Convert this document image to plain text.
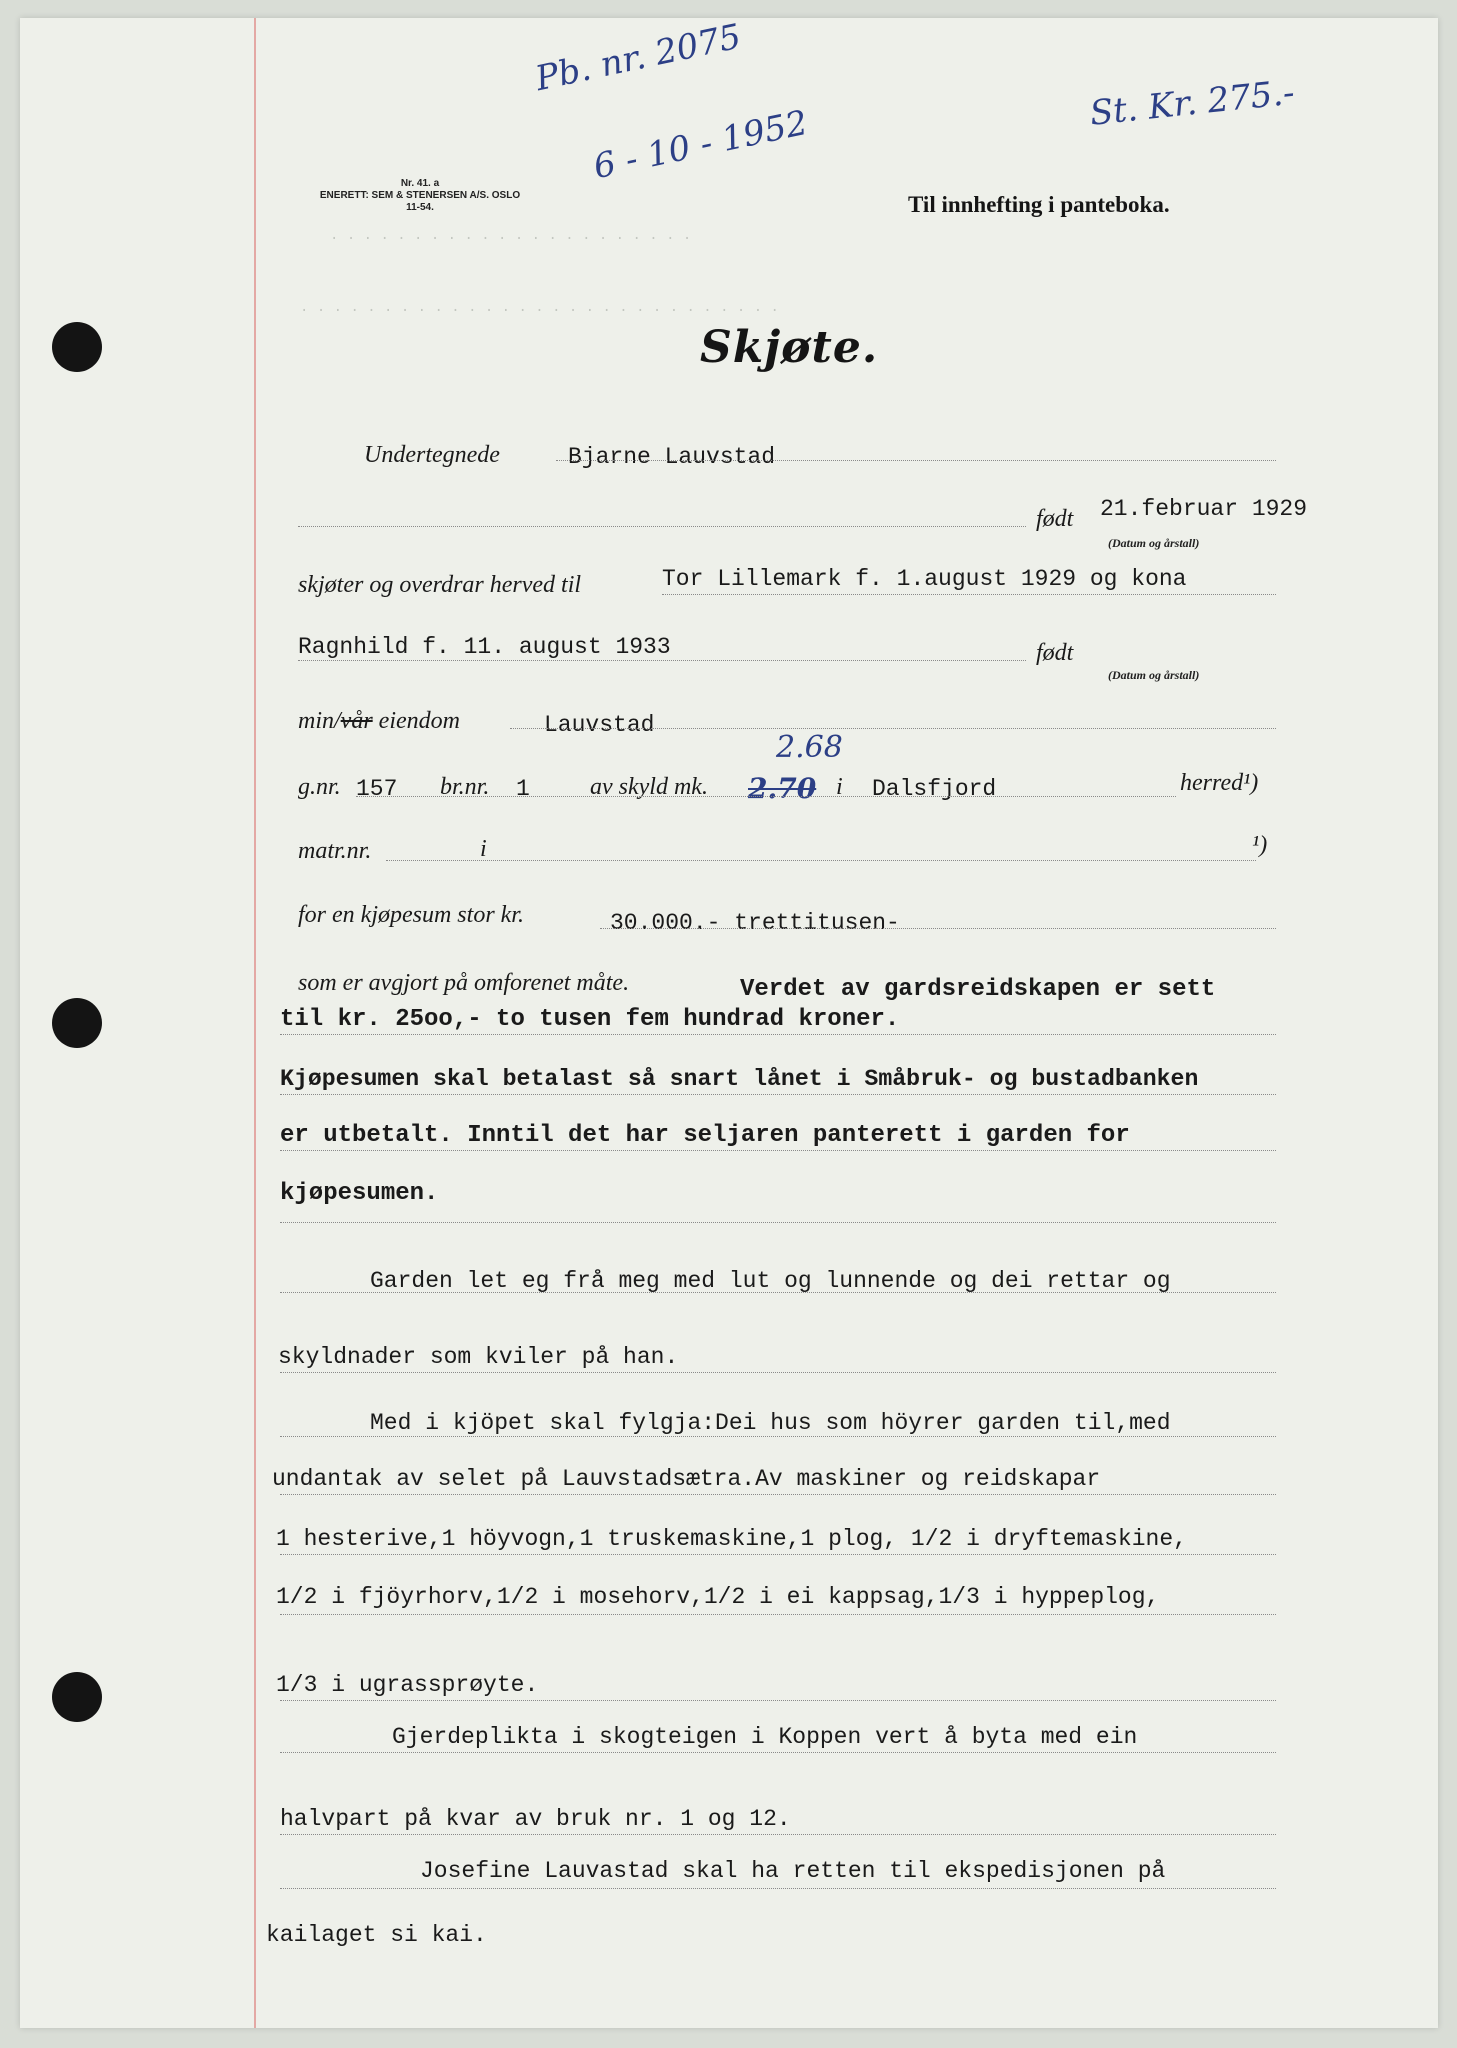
. . . . . . . . . . . . . . . . . . . . . .
. . . . . . . . . . . . . . . . . . . . . . . . . . . . .
Pb. nr. 2075
6 - 10 - 1952	St. Kr. 275.-
Nr. 41. a
ENERETT: SEM & STENERSEN A/S. OSLO
11-54.	Til innhefting i panteboka.
Skjøte.
Undertegnede	Bjarne Lauvstad
født 21.februar 1929
(Datum og årstall)
skjøter og overdrar herved til	Tor Lillemark f. 1.august 1929 og kona
Ragnhild f. 11. august 1933	født
(Datum og årstall)
min/vår eiendom	Lauvstad
g.nr. 157 br.nr. 1	av skyld mk. 2.70
2.68
i Dalsfjord	herred¹)
matr.nr.	i	¹)
for en kjøpesum stor kr.	30.000.- trettitusen-
som er avgjort på omforenet måte.	Verdet av gardsreidskapen er sett
til kr. 25oo,- to tusen fem hundrad kroner.
Kjøpesumen skal betalast så snart lånet i Småbruk- og bustadbanken
er utbetalt. Inntil det har seljaren panterett i garden for
kjøpesumen.
Garden let eg frå meg med lut og lunnende og dei rettar og
skyldnader som kviler på han.
Med i kjöpet skal fylgja:Dei hus som höyrer garden til,med
undantak av selet på Lauvstadsætra.Av maskiner og reidskapar
1 hesterive,1 höyvogn,1 truskemaskine,1 plog, 1/2 i dryftemaskine,
1/2 i fjöyrhorv,1/2 i mosehorv,1/2 i ei kappsag,1/3 i hyppeplog,
1/3 i ugrassprøyte.
Gjerdeplikta i skogteigen i Koppen vert å byta med ein
halvpart på kvar av bruk nr. 1 og 12.
Josefine Lauvastad skal ha retten til ekspedisjonen på
kailaget si kai.
